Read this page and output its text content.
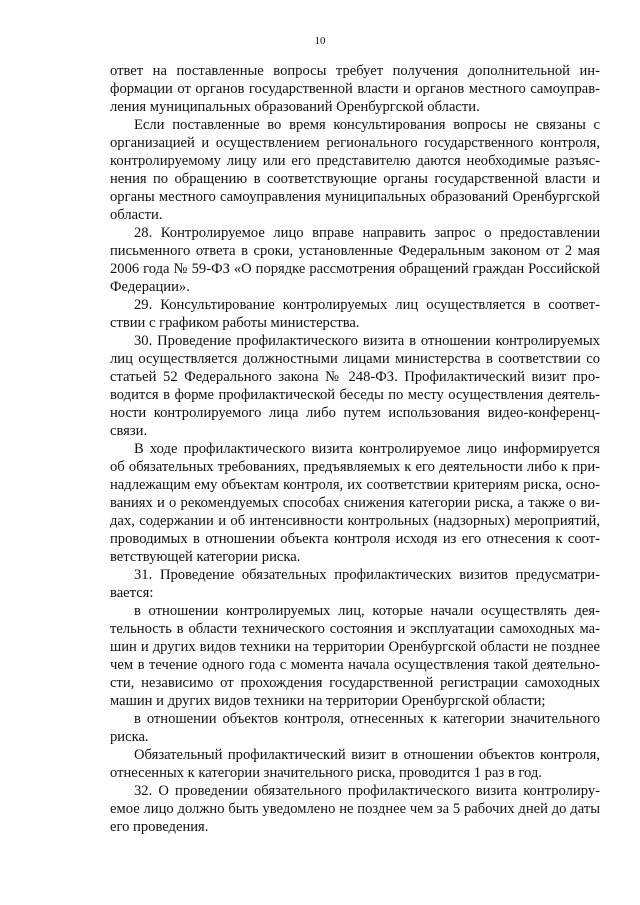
10

ответ на поставленные вопросы требует получения дополнительной информации от органов государственной власти и органов местного самоуправления муниципальных образований Оренбургской области.

Если поставленные во время консультирования вопросы не связаны с организацией и осуществлением регионального государственного контроля, контролируемому лицу или его представителю даются необходимые разъяснения по обращению в соответствующие органы государственной власти и органы местного самоуправления муниципальных образований Оренбургской области.

28. Контролируемое лицо вправе направить запрос о предоставлении письменного ответа в сроки, установленные Федеральным законом от 2 мая 2006 года № 59-ФЗ «О порядке рассмотрения обращений граждан Российской Федерации».

29. Консультирование контролируемых лиц осуществляется в соответствии с графиком работы министерства.

30. Проведение профилактического визита в отношении контролируемых лиц осуществляется должностными лицами министерства в соответствии со статьей 52 Федерального закона № 248-ФЗ. Профилактический визит проводится в форме профилактической беседы по месту осуществления деятельности контролируемого лица либо путем использования видео-конференцсвязи.

В ходе профилактического визита контролируемое лицо информируется об обязательных требованиях, предъявляемых к его деятельности либо к принадлежащим ему объектам контроля, их соответствии критериям риска, основаниях и о рекомендуемых способах снижения категории риска, а также о видах, содержании и об интенсивности контрольных (надзорных) мероприятий, проводимых в отношении объекта контроля исходя из его отнесения к соответствующей категории риска.

31. Проведение обязательных профилактических визитов предусматривается:

в отношении контролируемых лиц, которые начали осуществлять деятельность в области технического состояния и эксплуатации самоходных машин и других видов техники на территории Оренбургской области не позднее чем в течение одного года с момента начала осуществления такой деятельности, независимо от прохождения государственной регистрации самоходных машин и других видов техники на территории Оренбургской области;

в отношении объектов контроля, отнесенных к категории значительного риска.

Обязательный профилактический визит в отношении объектов контроля, отнесенных к категории значительного риска, проводится 1 раз в год.

32. О проведении обязательного профилактического визита контролируемое лицо должно быть уведомлено не позднее чем за 5 рабочих дней до даты его проведения.
